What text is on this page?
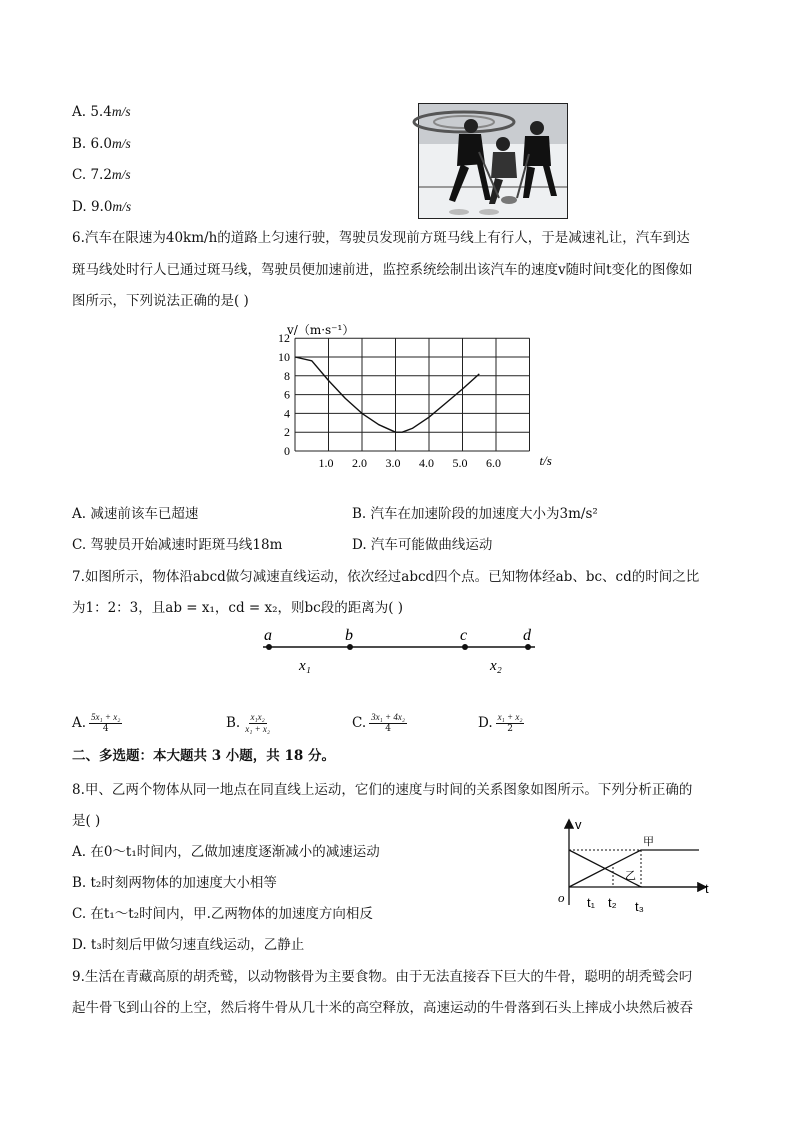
A. 5.4m/s
B. 6.0m/s
C. 7.2m/s
D. 9.0m/s
6.汽车在限速为40km/h的道路上匀速行驶，驾驶员发现前方斑马线上有行人，于是减速礼让，汽车到达
斑马线处时行人已通过斑马线，驾驶员便加速前进，监控系统绘制出该汽车的速度v随时间t变化的图像如
图所示，下列说法正确的是( )
0
2
4
6
8
10
12
1.0 2.0 3.0 4.0 5.0 6.0
v/（m·s⁻¹）
t/s
A. 减速前该车已超速	B. 汽车在加速阶段的加速度大小为3m/s²
C. 驾驶员开始减速时距斑马线18m	D. 汽车可能做曲线运动
7.如图所示，物体沿abcd做匀减速直线运动，依次经过abcd四个点。已知物体经ab、bc、cd的时间之比
为1：2：3，且ab = x₁，cd = x₂，则bc段的距离为( )
a	b	c	d
x₁	x₂
A. $\frac{\text{5x₁ + x₂}}{4}$	B. $\frac{\text{x₁x₂}}{\text{x₁ + x₂}}$	C. $\frac{\text{3x₁ + 4x₂}}{4}$	D. $\frac{\text{x₁ + x₂}}{2}$
二、多选题：本大题共 3 小题，共 18 分。
8.甲、乙两个物体从同一地点在同直线上运动，它们的速度与时间的关系图象如图所示。下列分析正确的
是( )
A. 在0～t₁时间内，乙做加速度逐渐减小的减速运动
B. t₂时刻两物体的加速度大小相等
C. 在t₁～t₂时间内，甲.乙两物体的加速度方向相反
D. t₃时刻后甲做匀速直线运动，乙静止
v
t
o
甲
乙
t₁ t₂ t₃
9.生活在青藏高原的胡秃鹫，以动物骸骨为主要食物。由于无法直接吞下巨大的牛骨，聪明的胡秃鹫会叼
起牛骨飞到山谷的上空，然后将牛骨从几十米的高空释放，高速运动的牛骨落到石头上摔成小块然后被吞
